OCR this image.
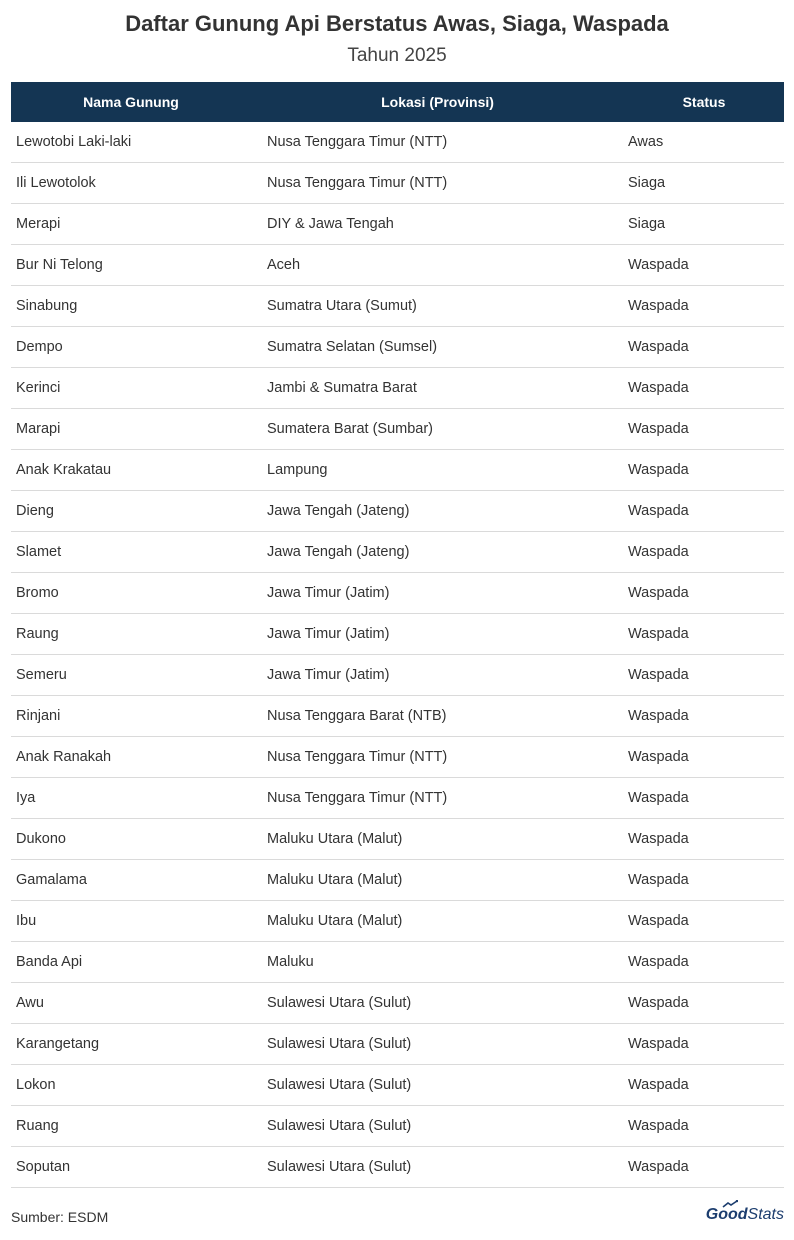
Daftar Gunung Api Berstatus Awas, Siaga, Waspada
Tahun 2025
Nama Gunung	Lokasi (Provinsi)	Status
Lewotobi Laki-laki	Nusa Tenggara Timur (NTT)	Awas
Ili Lewotolok	Nusa Tenggara Timur (NTT)	Siaga
Merapi	DIY & Jawa Tengah	Siaga
Bur Ni Telong	Aceh	Waspada
Sinabung	Sumatra Utara (Sumut)	Waspada
Dempo	Sumatra Selatan (Sumsel)	Waspada
Kerinci	Jambi & Sumatra Barat	Waspada
Marapi	Sumatera Barat (Sumbar)	Waspada
Anak Krakatau	Lampung	Waspada
Dieng	Jawa Tengah (Jateng)	Waspada
Slamet	Jawa Tengah (Jateng)	Waspada
Bromo	Jawa Timur (Jatim)	Waspada
Raung	Jawa Timur (Jatim)	Waspada
Semeru	Jawa Timur (Jatim)	Waspada
Rinjani	Nusa Tenggara Barat (NTB)	Waspada
Anak Ranakah	Nusa Tenggara Timur (NTT)	Waspada
Iya	Nusa Tenggara Timur (NTT)	Waspada
Dukono	Maluku Utara (Malut)	Waspada
Gamalama	Maluku Utara (Malut)	Waspada
Ibu	Maluku Utara (Malut)	Waspada
Banda Api	Maluku	Waspada
Awu	Sulawesi Utara (Sulut)	Waspada
Karangetang	Sulawesi Utara (Sulut)	Waspada
Lokon	Sulawesi Utara (Sulut)	Waspada
Ruang	Sulawesi Utara (Sulut)	Waspada
Soputan	Sulawesi Utara (Sulut)	Waspada
Sumber: ESDM	GoodStats
